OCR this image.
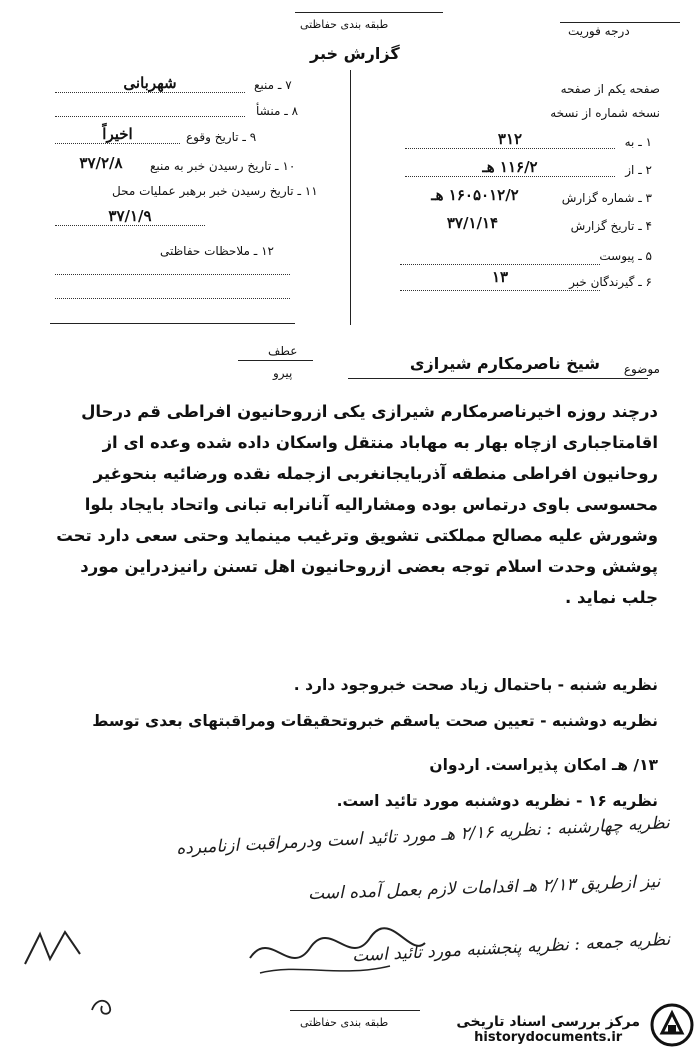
طبقه بندی حفاظتی	درجه فوریت
گزارش خبر
۷ ـ منبع
شهربانی
۸ ـ منشأ
۹ ـ تاریخ وقوع
اخیراً
۱۰ ـ تاریخ رسیدن خبر به منبع
۳۷/۲/۸
۱۱ ـ تاریخ رسیدن خبر برهبر عملیات محل
۳۷/۱/۹
۱۲ ـ ملاحظات حفاظتی
صفحه یکم از صفحه
نسخه شماره از نسخه
۱ ـ به
۳۱۲
۲ ـ از
۱۱۶/۲ هـ
۳ ـ شماره گزارش
۱۶۰۵۰۱۲/۲ هـ
۴ ـ تاریخ گزارش
۳۷/۱/۱۴
۵ ـ پیوست
۶ ـ گیرندگان خبر
۱۳
عطف
پیرو	موضوع
شیخ ناصرمکارم شیرازی
درچند روزه اخیرناصرمکارم شیرازی یکی ازروحانیون افراطی قم درحال
اقامتاجباری ازچاه بهار به مهاباد منتقل واسکان داده شده وعده ای از
روحانیون افراطی منطقه آذربایجانغربی ازجمله نقده ورضائیه بنحوغیر
محسوسی باوی درتماس بوده ومشارالیه آنانرابه تبانی واتحاد بایجاد بلوا
وشورش علیه مصالح مملکتی تشویق وترغیب مینماید وحتی سعی دارد تحت
پوشش وحدت اسلام توجه بعضی ازروحانیون اهل تسنن رانیزدراین مورد
جلب نماید .
نظریه شنبه - باحتمال زیاد صحت خبروجود دارد .
نظریه دوشنبه - تعیین صحت یاسقم خبروتحقیقات ومراقبتهای بعدی توسط
۱۳/ هـ امکان پذیراست. اردوان
نظریه ۱۶ - نظریه دوشنبه مورد تائید است.
نظریه چهارشنبه : نظریه ۲/۱۶ هـ مورد تائید است ودرمراقبت ازنامبرده
نیز ازطریق ۲/۱۳ هـ اقدامات لازم بعمل آمده است
نظریه جمعه : نظریه پنجشنبه مورد تائید است
طبقه بندی حفاظتی	مرکز بررسی اسناد تاریخی
historydocuments.ir
